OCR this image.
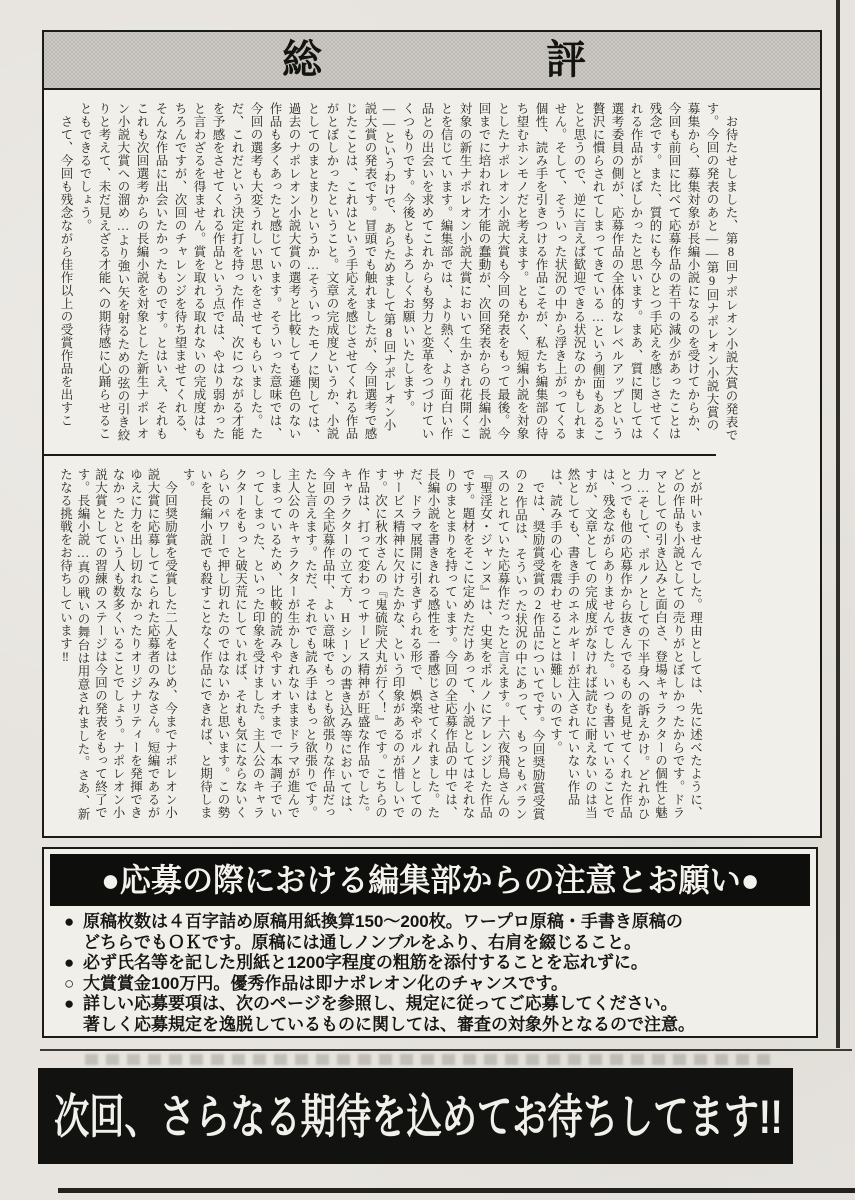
総評

　お待たせしました、第8回ナポレオン小説大賞の発表です。今回の発表のあと――第9回ナポレオン小説大賞の募集から、募集対象が長編小説になるのを受けてからか、今回も前回に比べて応募作品の若干の減少があったことは残念です。また、質的にも今ひとつ手応えを感じさせてくれる作品がとぼしかったと思います。まあ、質に関しては選考委員の側が、応募作品の全体的なレベルアップという贅沢に慣らされてしまってきている…という側面もあることと思うので、逆に言えば歓迎できる状況なのかもしれません。そして、そういった状況の中から浮き上がってくる個性、読み手を引きつける作品こそが、私たち編集部の待ち望むホンモノだと考えます。ともかく、短編小説を対象としたナポレオン小説大賞も今回の発表をもって最後。今回までに培われた才能の蠢動が、次回発表からの長編小説対象の新生ナポレオン小説大賞において生かされ花開くことを信じています。編集部では、より熱く、より面白い作品との出会いを求めてこれからも努力と変革をつづけていくつもりです。今後ともよろしくお願いいたします。

――というわけで、あらためまして第8回ナポレオン小説大賞の発表です。冒頭でも触れましたが、今回選考で感じたことは、これはという手応えを感じさせてくれる作品がとぼしかったということ。文章の完成度というか、小説としてのまとまりというか…そういったモノに関しては、過去のナポレオン小説大賞の選考と比較しても遜色のない作品も多くあったと感じています。そういった意味では、今回の選考も大変うれしい思いをさせてもらいました。ただ、これだという決定打を持った作品、次につながる才能を予感をさせてくれる作品という点では、やはり弱かったと言わざるを得ません。賞を取れる取れないの完成度はもちろんですが、次回のチャレンジを待ち望ませてくれる、そんな作品に出会いたかったものです。とはいえ、それもこれも次回選考からの長編小説を対象とした新生ナポレオン小説大賞への溜め…より強い矢を射るための弦の引き絞りと考えて、未だ見えざる才能への期待感に心踊らせることもできるでしょう。

　さて、今回も残念ながら佳作以上の受賞作品を出すこ

とが叶いませんでした。理由としては、先に述べたように、どの作品も小説としての売りがとぼしかったからです。ドラマとしての引き込みと面白さ、登場キャラクターの個性と魅力…そして、ポルノとしての下半身への訴えかけ。どれかひとつでも他の応募作から抜きんでるものを見せてくれた作品は、残念ながらありませんでした。いつも書いていることですが、文章としての完成度がなければ読むに耐えないのは当然としても、書き手のエネルギーが注入されていない作品は、読み手の心を震わせることは難しいのです。

　では、奨励賞受賞の2作品についてです。今回奨励賞受賞の2作品は、そういった状況の中にあって、もっともバランスのとれていた応募作だったと言えます。十六夜飛鳥さんの『聖淫女・ジャンヌ』は、史実をポルノにアレンジした作品です。題材をそこに定めただけあって、小説としてはそれなりのまとまりを持っています。今回の全応募作品の中では、長編小説を書ききれる感性を一番感じさせてくれました。ただ、ドラマ展開に引きずられる形で、娯楽やポルノとしてのサービス精神に欠けたかな、という印象があるのが惜しいです。次に秋水さんの『鬼硫院犬丸が行く！』です。こちらの作品は、打って変わってサービス精神が旺盛な作品でした。キャラクターの立て方、Hシーンの書き込み等においては、今回の全応募作品中、よい意味でもっとも欲張りな作品だったと言えます。ただ、それでも読み手はもっと欲張りです。主人公のキャラクターが生かしきれないままドラマが進んでしまっているため、比較的読みやすいオチまで一本調子でいってしまった、といった印象を受けました。主人公のキャラクターをもっと破天荒にしていれば、それも気にならないくらいのパワーで押し切れたのではないかと思います。この勢いを長編小説でも殺すことなく作品にできれば、と期待します。

　今回奨励賞を受賞した二人をはじめ、今までナポレオン小説大賞に応募してこられた応募者のみなさん。短編であるがゆえに力を出し切れなかったりオリジナリティーを発揮できなかったという人も数多くいることでしょう。ナポレオン小説大賞としての習練のステージは今回の発表をもって終了です。長編小説…真の戦いの舞台は用意されました。さあ、新たなる挑戦をお待ちしています‼

●応募の際における編集部からの注意とお願い●
● 原稿枚数は４百字詰め原稿用紙換算150～200枚。ワープロ原稿・手書き原稿の
どちらでもＯＫです。原稿には通しノンブルをふり、右肩を綴じること。
● 必ず氏名等を記した別紙と1200字程度の粗筋を添付することを忘れずに。
○ 大賞賞金100万円。優秀作品は即ナポレオン化のチャンスです。
● 詳しい応募要項は、次のページを参照し、規定に従ってご応募してください。
著しく応募規定を逸脱しているものに関しては、審査の対象外となるので注意。
次回、さらなる期待を込めてお待ちしてます!!
